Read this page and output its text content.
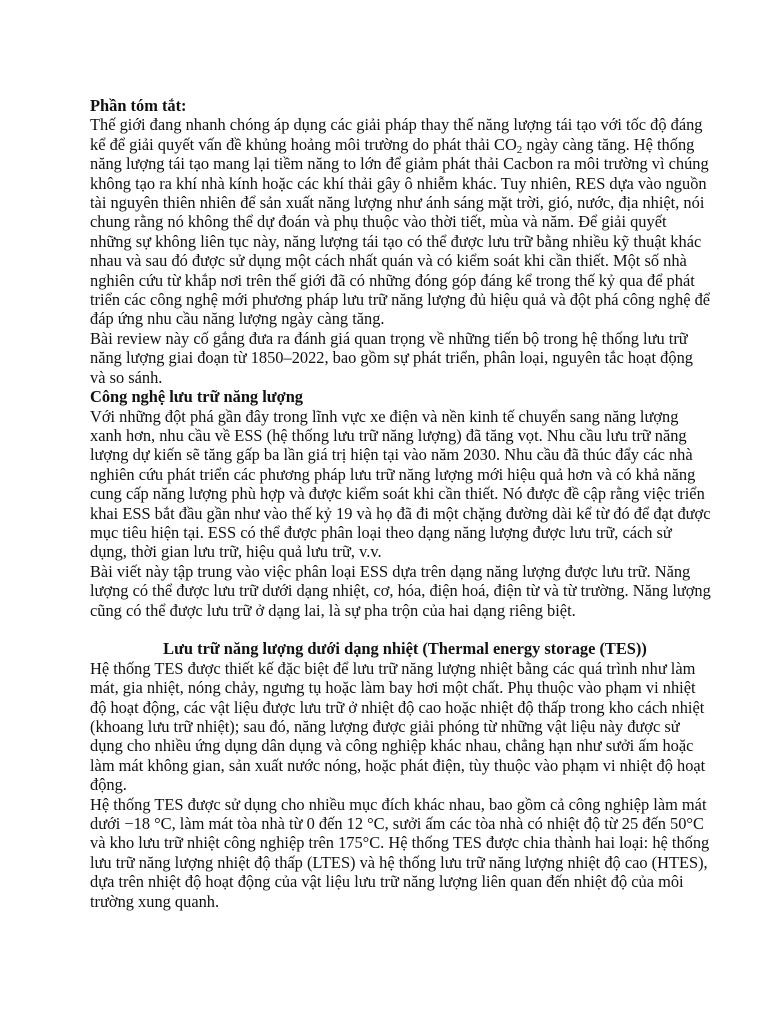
Phần tóm tắt:

Thế giới đang nhanh chóng áp dụng các giải pháp thay thế năng lượng tái tạo với tốc độ đáng kể để giải quyết vấn đề khủng hoảng môi trường do phát thải $CO_2$ ngày càng tăng. Hệ thống năng lượng tái tạo mang lại tiềm năng to lớn để giảm phát thải Cacbon ra môi trường vì chúng không tạo ra khí nhà kính hoặc các khí thải gây ô nhiễm khác. Tuy nhiên, RES dựa vào nguồn tài nguyên thiên nhiên để sản xuất năng lượng như ánh sáng mặt trời, gió, nước, địa nhiệt, nói chung rằng nó không thể dự đoán và phụ thuộc vào thời tiết, mùa và năm. Để giải quyết những sự không liên tục này, năng lượng tái tạo có thể được lưu trữ bằng nhiều kỹ thuật khác nhau và sau đó được sử dụng một cách nhất quán và có kiểm soát khi cần thiết. Một số nhà nghiên cứu từ khắp nơi trên thế giới đã có những đóng góp đáng kể trong thế kỷ qua để phát triển các công nghệ mới phương pháp lưu trữ năng lượng đủ hiệu quả và đột phá công nghệ để đáp ứng nhu cầu năng lượng ngày càng tăng.

Bài review này cố gắng đưa ra đánh giá quan trọng về những tiến bộ trong hệ thống lưu trữ năng lượng giai đoạn từ 1850–2022, bao gồm sự phát triển, phân loại, nguyên tắc hoạt động và so sánh.

Công nghệ lưu trữ năng lượng

Với những đột phá gần đây trong lĩnh vực xe điện và nền kinh tế chuyển sang năng lượng xanh hơn, nhu cầu về ESS (hệ thống lưu trữ năng lượng) đã tăng vọt. Nhu cầu lưu trữ năng lượng dự kiến sẽ tăng gấp ba lần giá trị hiện tại vào năm 2030. Nhu cầu đã thúc đẩy các nhà nghiên cứu phát triển các phương pháp lưu trữ năng lượng mới hiệu quả hơn và có khả năng cung cấp năng lượng phù hợp và được kiểm soát khi cần thiết. Nó được đề cập rằng việc triển khai ESS bắt đầu gần như vào thế kỷ 19 và họ đã đi một chặng đường dài kể từ đó để đạt được mục tiêu hiện tại. ESS có thể được phân loại theo dạng năng lượng được lưu trữ, cách sử dụng, thời gian lưu trữ, hiệu quả lưu trữ, v.v.

Bài viết này tập trung vào việc phân loại ESS dựa trên dạng năng lượng được lưu trữ. Năng lượng có thể được lưu trữ dưới dạng nhiệt, cơ, hóa, điện hoá, điện từ và từ trường. Năng lượng cũng có thể được lưu trữ ở dạng lai, là sự pha trộn của hai dạng riêng biệt.

Lưu trữ năng lượng dưới dạng nhiệt (Thermal energy storage (TES))

Hệ thống TES được thiết kế đặc biệt để lưu trữ năng lượng nhiệt bằng các quá trình như làm mát, gia nhiệt, nóng chảy, ngưng tụ hoặc làm bay hơi một chất. Phụ thuộc vào phạm vi nhiệt độ hoạt động, các vật liệu được lưu trữ ở nhiệt độ cao hoặc nhiệt độ thấp trong kho cách nhiệt (khoang lưu trữ nhiệt); sau đó, năng lượng được giải phóng từ những vật liệu này được sử dụng cho nhiều ứng dụng dân dụng và công nghiệp khác nhau, chẳng hạn như sưởi ấm hoặc làm mát không gian, sản xuất nước nóng, hoặc phát điện, tùy thuộc vào phạm vi nhiệt độ hoạt động.

Hệ thống TES được sử dụng cho nhiều mục đích khác nhau, bao gồm cả công nghiệp làm mát dưới −18 °C, làm mát tòa nhà từ 0 đến 12 °C, sưởi ấm các tòa nhà có nhiệt độ từ 25 đến 50°C và kho lưu trữ nhiệt công nghiệp trên 175°C. Hệ thống TES được chia thành hai loại: hệ thống lưu trữ năng lượng nhiệt độ thấp (LTES) và hệ thống lưu trữ năng lượng nhiệt độ cao (HTES), dựa trên nhiệt độ hoạt động của vật liệu lưu trữ năng lượng liên quan đến nhiệt độ của môi trường xung quanh.
